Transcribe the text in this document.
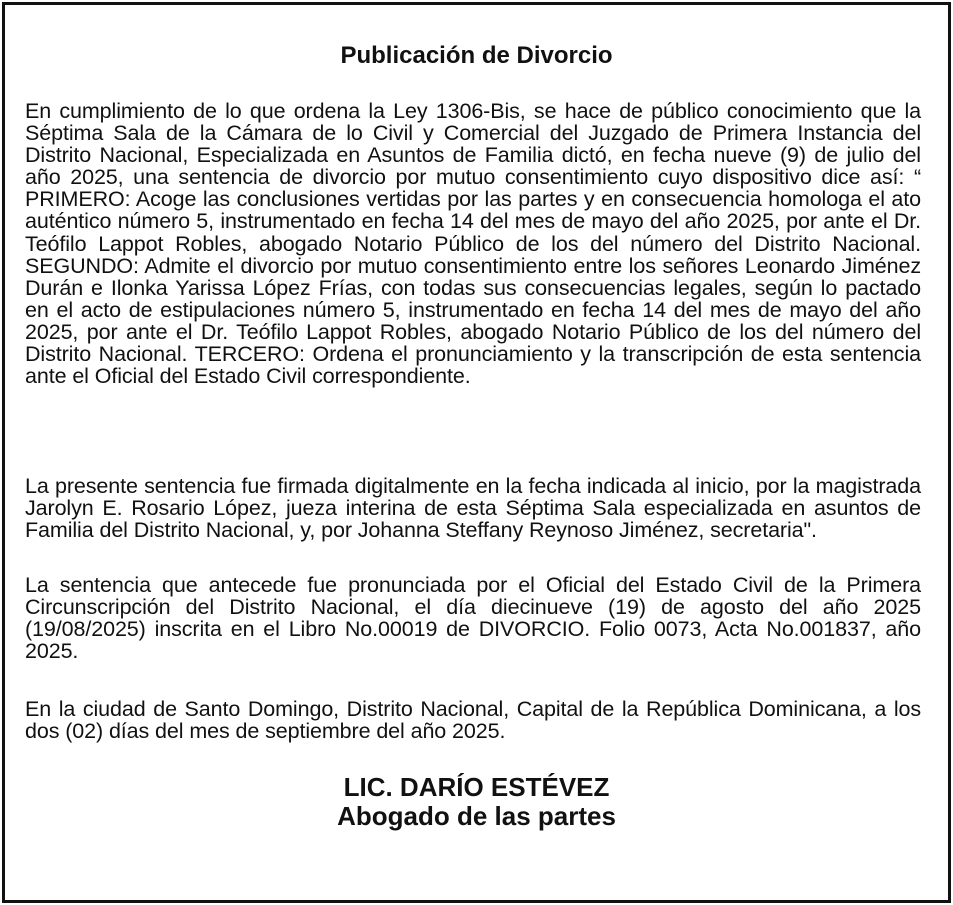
Publicación de Divorcio

En cumplimiento de lo que ordena la Ley 1306-Bis, se hace de público conocimiento que la Séptima Sala de la Cámara de lo Civil y Comercial del Juzgado de Primera Instancia del Distrito Nacional, Especializada en Asuntos de Familia dictó, en fecha nueve (9) de julio del año 2025, una sentencia de divorcio por mutuo consentimiento cuyo dispositivo dice así: “ PRIMERO: Acoge las conclusiones vertidas por las partes y en consecuencia homologa el ato auténtico número 5, instrumentado en fecha 14 del mes de mayo del año 2025, por ante el Dr. Teófilo Lappot Robles, abogado Notario Público de los del número del Distrito Nacional. SEGUNDO: Admite el divorcio por mutuo consentimiento entre los señores Leonardo Jiménez Durán e Ilonka Yarissa López Frías, con todas sus consecuencias legales, según lo pactado en el acto de estipulaciones número 5, instrumentado en fecha 14 del mes de mayo del año 2025, por ante el Dr. Teófilo Lappot Robles, abogado Notario Público de los del número del Distrito Nacional. TERCERO: Ordena el pronunciamiento y la transcripción de esta sentencia ante el Oficial del Estado Civil correspondiente.

La presente sentencia fue firmada digitalmente en la fecha indicada al inicio, por la magistrada Jarolyn E. Rosario López, jueza interina de esta Séptima Sala especializada en asuntos de Familia del Distrito Nacional, y, por Johanna Steffany Reynoso Jiménez, secretaria".

La sentencia que antecede fue pronunciada por el Oficial del Estado Civil de la Primera Circunscripción del Distrito Nacional, el día diecinueve (19) de agosto del año 2025 (19/08/2025) inscrita en el Libro No.00019 de DIVORCIO. Folio 0073, Acta No.001837, año 2025.

En la ciudad de Santo Domingo, Distrito Nacional, Capital de la República Dominicana, a los dos (02) días del mes de septiembre del año 2025.

LIC. DARÍO ESTÉVEZ

Abogado de las partes
